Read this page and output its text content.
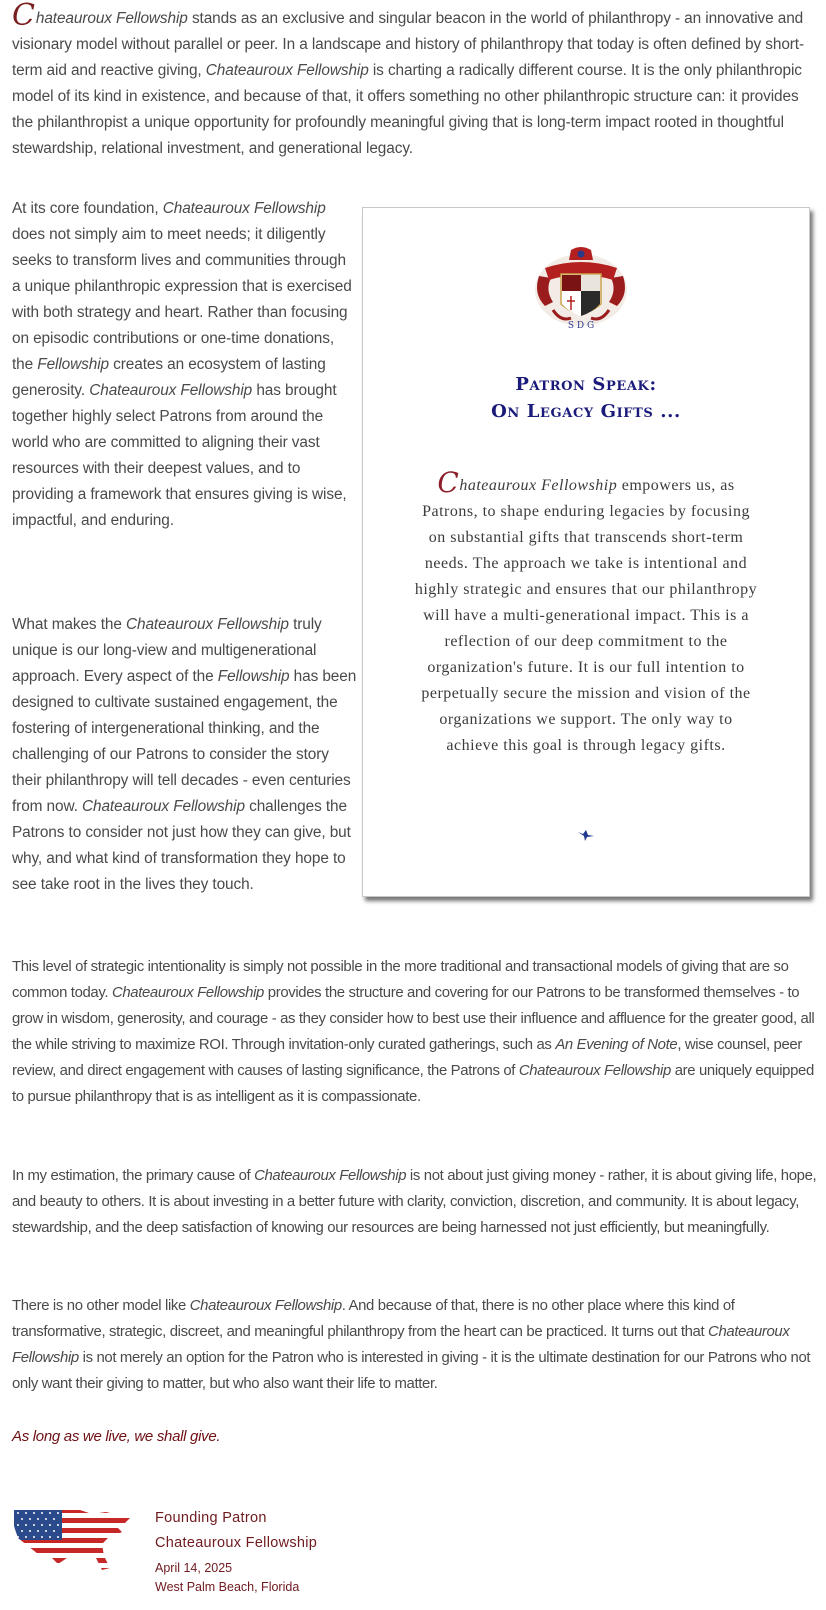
Chateauroux Fellowship stands as an exclusive and singular beacon in the world of philanthropy - an innovative and visionary model without parallel or peer. In a landscape and history of philanthropy that today is often defined by short-term aid and reactive giving, Chateauroux Fellowship is charting a radically different course. It is the only philanthropic model of its kind in existence, and because of that, it offers something no other philanthropic structure can: it provides the philanthropist a unique opportunity for profoundly meaningful giving that is long-term impact rooted in thoughtful stewardship, relational investment, and generational legacy.

At its core foundation, Chateauroux Fellowship does not simply aim to meet needs; it diligently seeks to transform lives and communities through a unique philanthropic expression that is exercised with both strategy and heart. Rather than focusing on episodic contributions or one-time donations, the Fellowship creates an ecosystem of lasting generosity. Chateauroux Fellowship has brought together highly select Patrons from around the world who are committed to aligning their vast resources with their deepest values, and to providing a framework that ensures giving is wise, impactful, and enduring.

What makes the Chateauroux Fellowship truly unique is our long-view and multigenerational approach. Every aspect of the Fellowship has been designed to cultivate sustained engagement, the fostering of intergenerational thinking, and the challenging of our Patrons to consider the story their philanthropy will tell decades - even centuries from now. Chateauroux Fellowship challenges the Patrons to consider not just how they can give, but why, and what kind of transformation they hope to see take root in the lives they touch.

S D G
Patron Speak:
On Legacy Gifts ...
Chateauroux Fellowship empowers us, as Patrons, to shape enduring legacies by focusing on substantial gifts that transcends short-term needs. The approach we take is intentional and highly strategic and ensures that our philanthropy will have a multi-generational impact. This is a reflection of our deep commitment to the organization's future. It is our full intention to perpetually secure the mission and vision of the organizations we support. The only way to achieve this goal is through legacy gifts.

This level of strategic intentionality is simply not possible in the more traditional and transactional models of giving that are so common today. Chateauroux Fellowship provides the structure and covering for our Patrons to be transformed themselves - to grow in wisdom, generosity, and courage - as they consider how to best use their influence and affluence for the greater good, all the while striving to maximize ROI. Through invitation-only curated gatherings, such as An Evening of Note, wise counsel, peer review, and direct engagement with causes of lasting significance, the Patrons of Chateauroux Fellowship are uniquely equipped to pursue philanthropy that is as intelligent as it is compassionate.

In my estimation, the primary cause of Chateauroux Fellowship is not about just giving money - rather, it is about giving life, hope, and beauty to others. It is about investing in a better future with clarity, conviction, discretion, and community. It is about legacy, stewardship, and the deep satisfaction of knowing our resources are being harnessed not just efficiently, but meaningfully.

There is no other model like Chateauroux Fellowship. And because of that, there is no other place where this kind of transformative, strategic, discreet, and meaningful philanthropy from the heart can be practiced. It turns out that Chateauroux Fellowship is not merely an option for the Patron who is interested in giving - it is the ultimate destination for our Patrons who not only want their giving to matter, but who also want their life to matter.

As long as we live, we shall give.

Founding Patron
Chateauroux Fellowship
April 14, 2025
West Palm Beach, Florida
